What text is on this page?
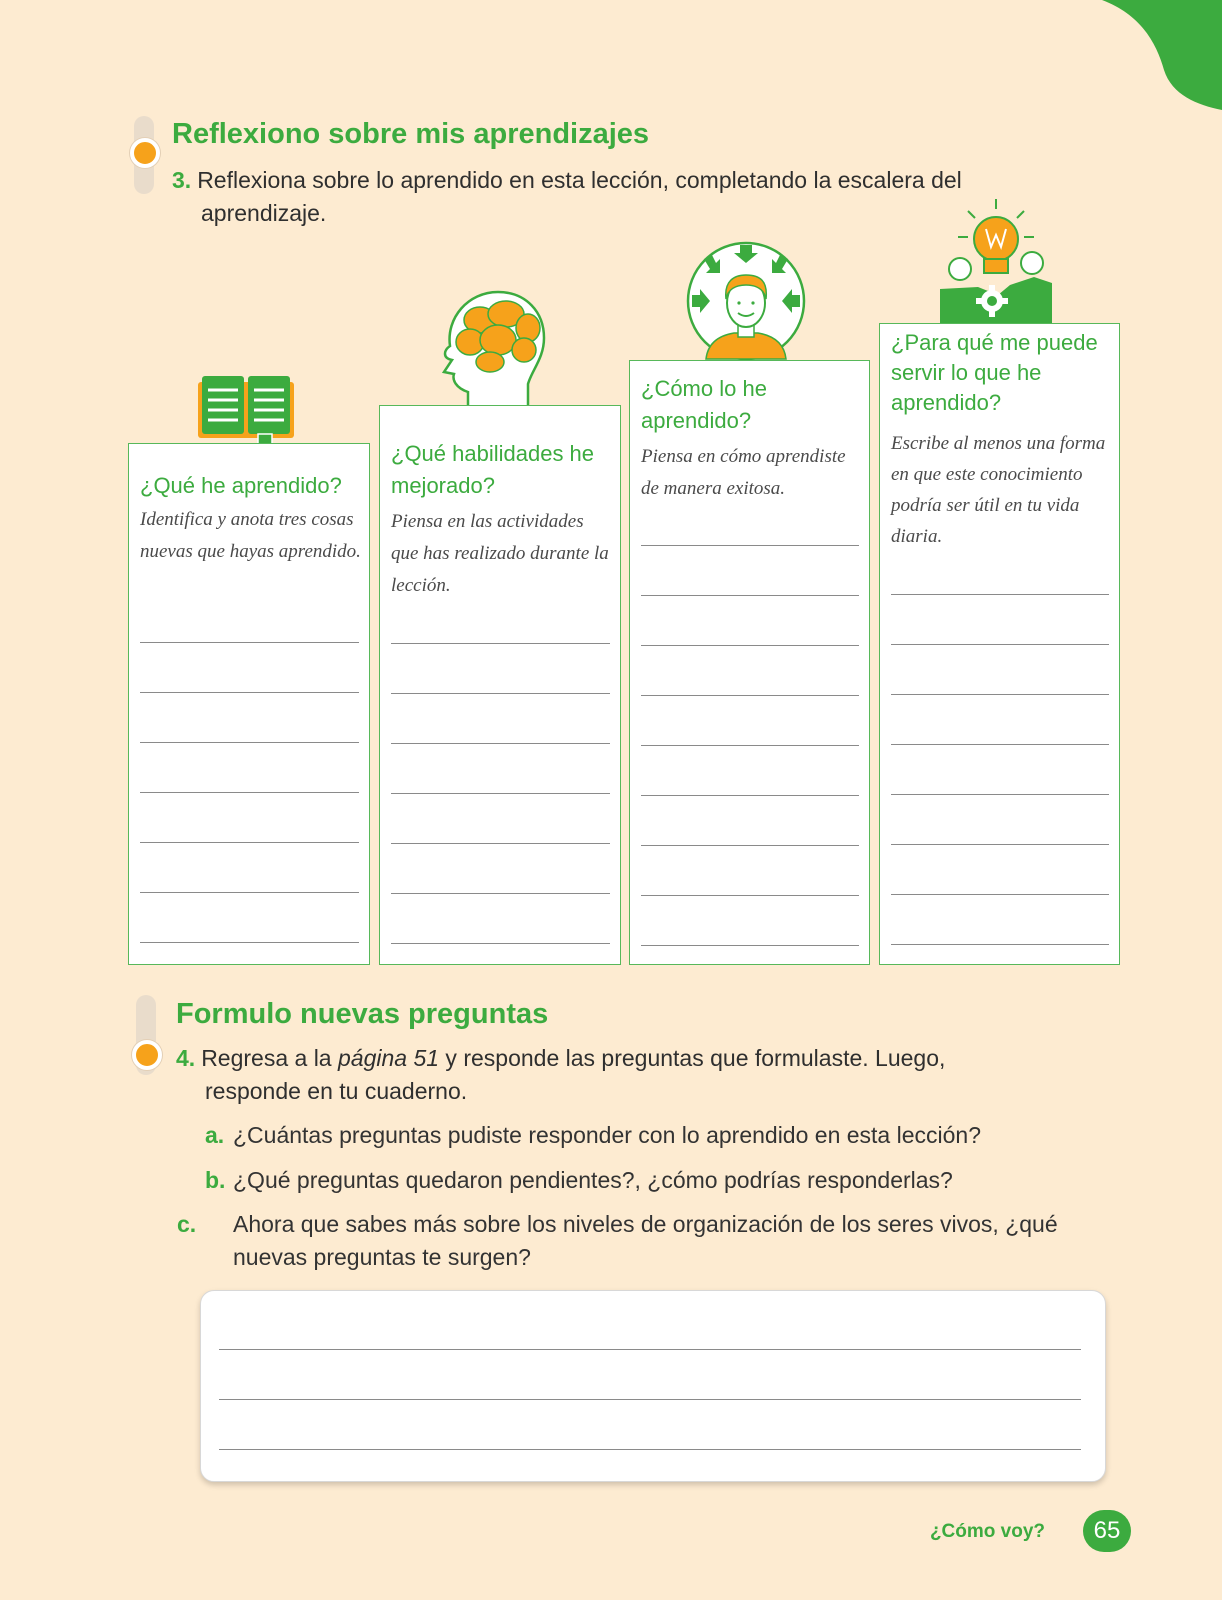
Reflexiono sobre mis aprendizajes
3. Reflexiona sobre lo aprendido en esta lección, completando la escalera del aprendizaje.
¿Qué he aprendido?
Identifica y anota tres cosas nuevas que hayas aprendido.
¿Qué habilidades he mejorado?
Piensa en las actividades que has realizado durante la lección.
¿Cómo lo he aprendido?
Piensa en cómo aprendiste de manera exitosa.
¿Para qué me puede servir lo que he aprendido?
Escribe al menos una forma en que este conocimiento podría ser útil en tu vida diaria.
Formulo nuevas preguntas
4. Regresa a la página 51 y responde las preguntas que formulaste. Luego, responde en tu cuaderno.
a. ¿Cuántas preguntas pudiste responder con lo aprendido en esta lección?
b. ¿Qué preguntas quedaron pendientes?, ¿cómo podrías responderlas?
c. Ahora que sabes más sobre los niveles de organización de los seres vivos, ¿qué nuevas preguntas te surgen?
¿Cómo voy?	65
